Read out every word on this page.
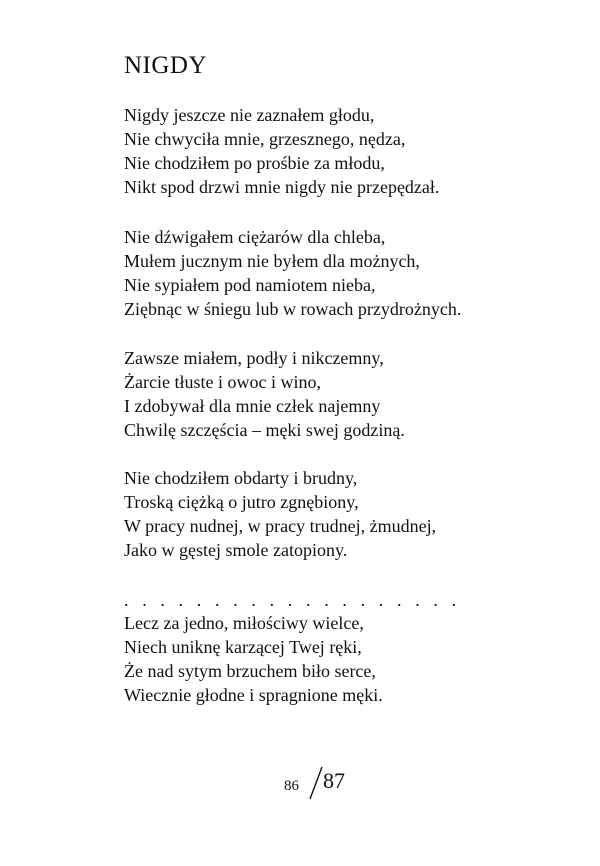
NIGDY
Nigdy jeszcze nie zaznałem głodu,
Nie chwyciła mnie, grzesznego, nędza,
Nie chodziłem po prośbie za młodu,
Nikt spod drzwi mnie nigdy nie przepędzał.
Nie dźwigałem ciężarów dla chleba,
Mułem jucznym nie byłem dla możnych,
Nie sypiałem pod namiotem nieba,
Ziębnąc w śniegu lub w rowach przydrożnych.
Zawsze miałem, podły i nikczemny,
Żarcie tłuste i owoc i wino,
I zdobywał dla mnie człek najemny
Chwilę szczęścia – męki swej godziną.
Nie chodziłem obdarty i brudny,
Troską ciężką o jutro zgnębiony,
W pracy nudnej, w pracy trudnej, żmudnej,
Jako w gęstej smole zatopiony.
. . . . . . . . . . . . . . . . . . .
Lecz za jedno, miłościwy wielce,
Niech uniknę karzącej Twej ręki,
Że nad sytym brzuchem biło serce,
Wiecznie głodne i spragnione męki.
86 87
